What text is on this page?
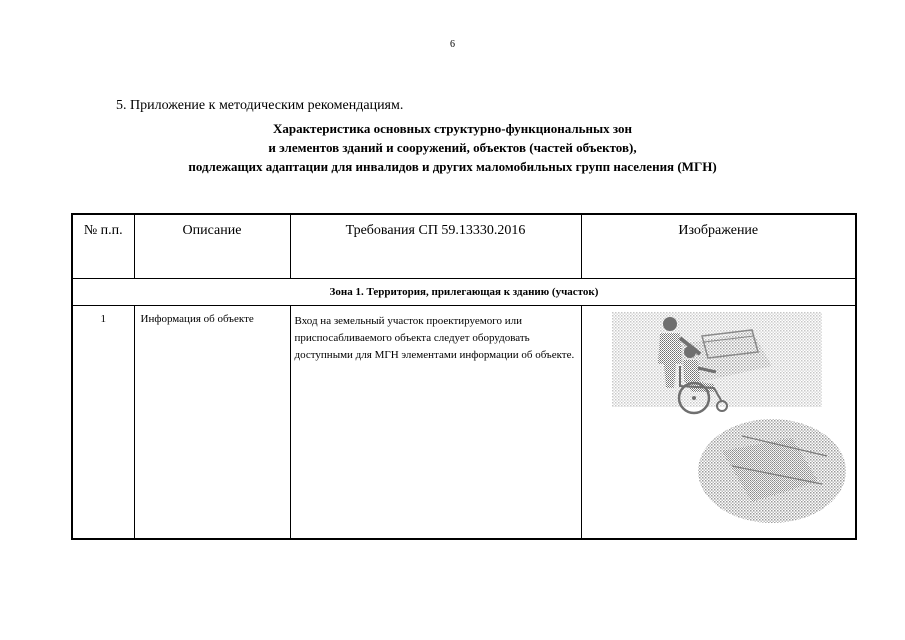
6
5. Приложение к методическим рекомендациям.
Характеристика основных структурно-функциональных зон
и элементов зданий и сооружений, объектов (частей объектов),
подлежащих адаптации для инвалидов и других маломобильных групп населения (МГН)
№ п.п.	Описание	Требования СП 59.13330.2016	Изображение
Зона 1. Территория, прилегающая к зданию (участок)			
1	Информация об объекте	Вход на земельный участок проектируемого или приспосабливаемого объекта следует оборудовать доступными для МГН элементами информации об объекте.	
